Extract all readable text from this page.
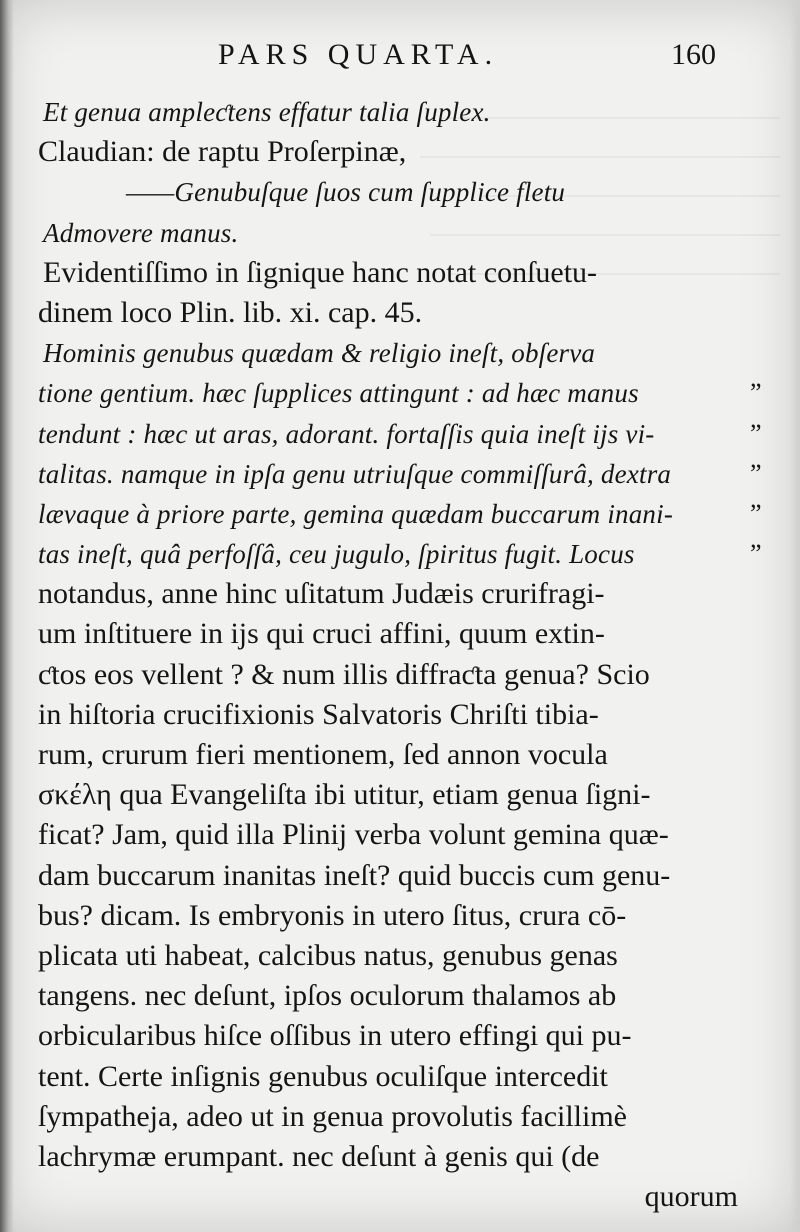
PARS QUARTA.	160
Et genua ampleƈtens effatur talia ſuplex.
Claudian: de raptu Proſerpinæ,
——Genubuſque ſuos cum ſupplice fletu
Admovere manus.
Evidentiſſimo in ſignique hanc notat conſuetu-
dinem loco Plin. lib. xi. cap. 45.
Hominis genubus quædam & religio ineſt, obſerva
tione gentium. hæc ſupplices attingunt : ad hæc manus	”
tendunt : hæc ut aras, adorant. fortaſſis quia ineſt ijs vi-	”
talitas. namque in ipſa genu utriuſque commiſſurâ, dextra	”
lævaque à priore parte, gemina quædam buccarum inani-	”
tas ineſt, quâ perfoſſâ, ceu jugulo, ſpiritus fugit. Locus	”
notandus, anne hinc uſitatum Judæis crurifragi-
um inſtituere in ijs qui cruci affini, quum extin-
ƈtos eos vellent ? & num illis diffraƈta genua? Scio
in hiſtoria crucifixionis Salvatoris Chriſti tibia-
rum, crurum fieri mentionem, ſed annon vocula
σκέλη qua Evangeliſta ibi utitur, etiam genua ſigni-
ficat? Jam, quid illa Plinij verba volunt gemina quæ-
dam buccarum inanitas ineſt? quid buccis cum genu-
bus? dicam. Is embryonis in utero ſitus, crura cō-
plicata uti habeat, calcibus natus, genubus genas
tangens. nec deſunt, ipſos oculorum thalamos ab
orbicularibus hiſce oſſibus in utero effingi qui pu-
tent. Certe inſignis genubus oculiſque intercedit
ſympatheja, adeo ut in genua provolutis facillimè
lachrymæ erumpant. nec deſunt à genis qui (de
quorum
